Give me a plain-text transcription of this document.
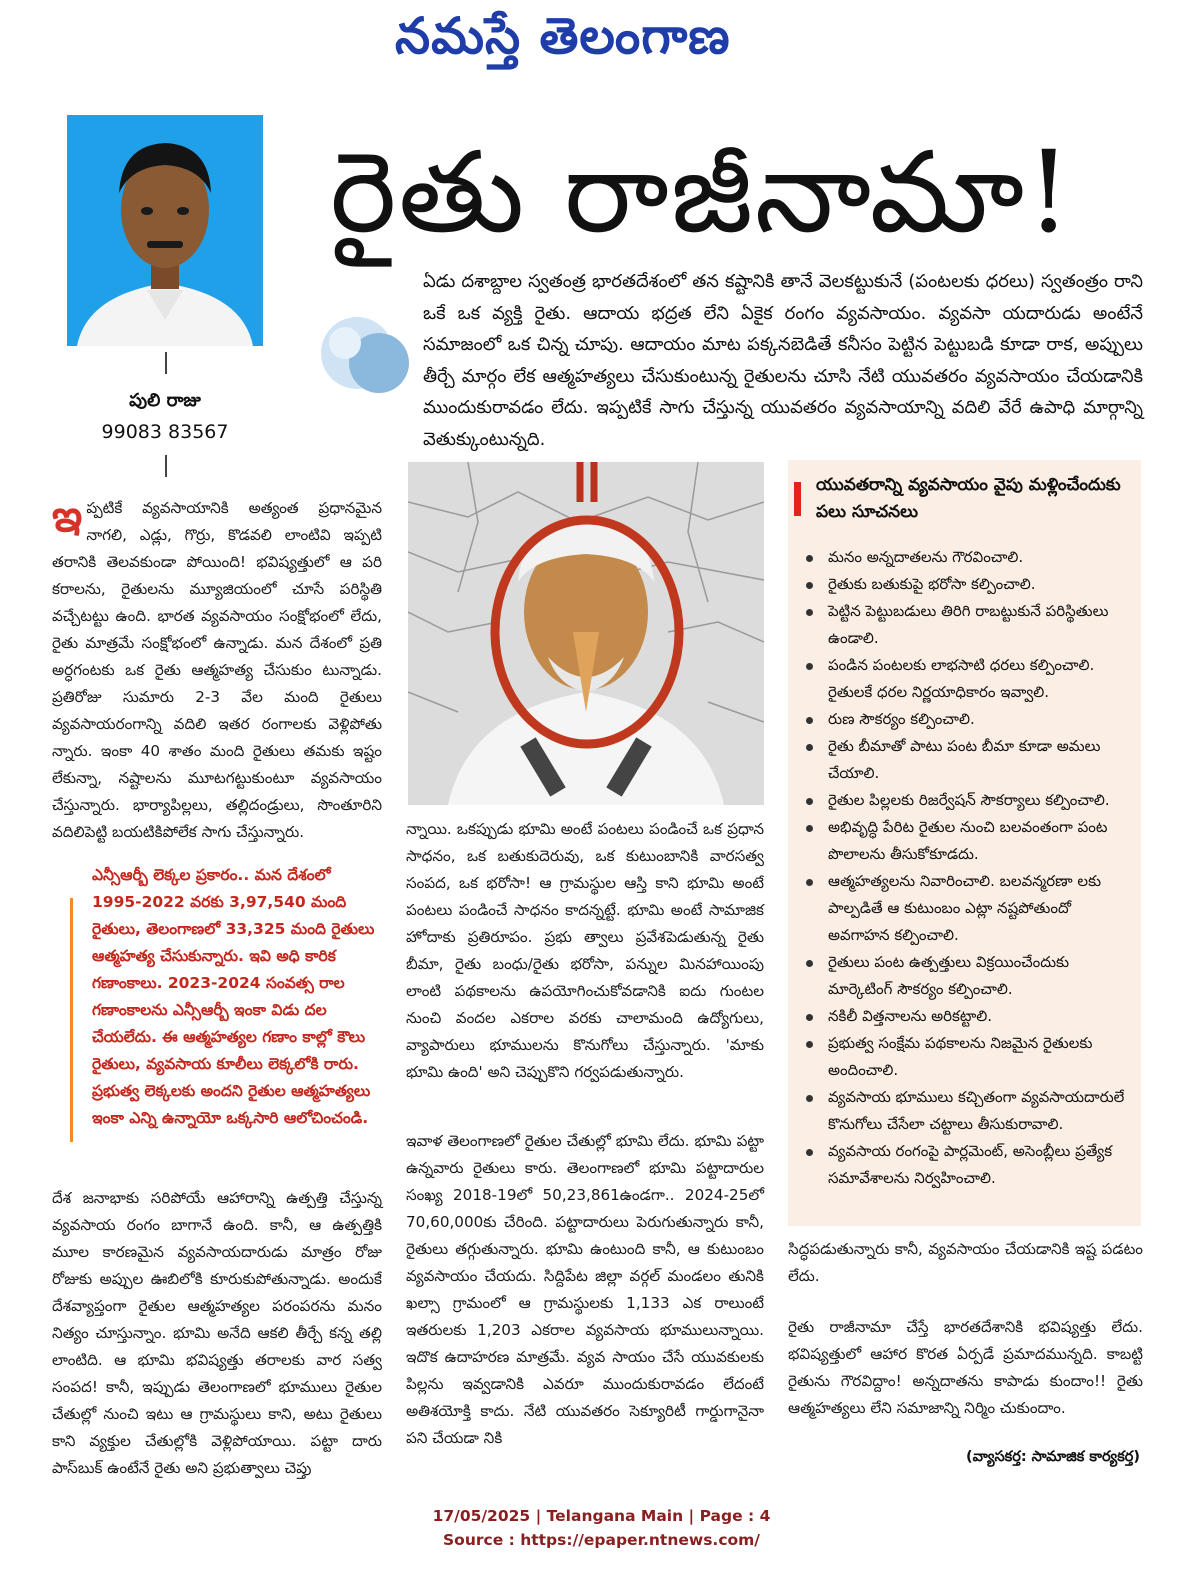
నమస్తే తెలంగాణ
పులి రాజు
99083 83567
రైతు రాజీనామా!

ఏడు దశాబ్దాల స్వతంత్ర భారతదేశంలో తన కష్టానికి తానే వెలకట్టుకునే (పంటలకు ధరలు) స్వతంత్రం రాని ఒకే ఒక వ్యక్తి రైతు. ఆదాయ భద్రత లేని ఏకైక రంగం వ్యవసాయం. వ్యవసా యదారుడు అంటేనే సమాజంలో ఒక చిన్న చూపు. ఆదాయం మాట పక్కనబెడితే కనీసం పెట్టిన పెట్టుబడి కూడా రాక, అప్పులు తీర్చే మార్గం లేక ఆత్మహత్యలు చేసుకుంటున్న రైతులను చూసి నేటి యువతరం వ్యవసాయం చేయడానికి ముందుకురావడం లేదు. ఇప్పటికే సాగు చేస్తున్న యువతరం వ్యవసాయాన్ని వదిలి వేరే ఉపాధి మార్గాన్ని వెతుక్కుంటున్నది.

ఇ ప్పటికే వ్యవసాయానికి అత్యంత ప్రధానమైన నాగలి, ఎడ్లు, గొర్రు, కొడవలి లాంటివి ఇప్పటి తరానికి తెలవకుండా పోయింది! భవిష్యత్తులో ఆ పరి కరాలను, రైతులను మ్యూజియంలో చూసే పరిస్థితి వచ్చేటట్టు ఉంది. భారత వ్యవసాయం సంక్షోభంలో లేదు, రైతు మాత్రమే సంక్షోభంలో ఉన్నాడు. మన దేశంలో ప్రతి అర్ధగంటకు ఒక రైతు ఆత్మహత్య చేసుకుం టున్నాడు. ప్రతిరోజు సుమారు 2-3 వేల మంది రైతులు వ్యవసాయరంగాన్ని వదిలి ఇతర రంగాలకు వెళ్లిపోతు న్నారు. ఇంకా 40 శాతం మంది రైతులు తమకు ఇష్టం లేకున్నా, నష్టాలను మూటగట్టుకుంటూ వ్యవసాయం చేస్తున్నారు. భార్యాపిల్లలు, తల్లిదండ్రులు, సొంతూరిని వదిలిపెట్టి బయటికిపోలేక సాగు చేస్తున్నారు.

ఎన్సీఆర్బీ లెక్కల ప్రకారం.. మన దేశంలో 1995-2022 వరకు 3,97,540 మంది రైతులు, తెలంగాణలో 33,325 మంది రైతులు ఆత్మహత్య చేసుకున్నారు. ఇవి అధి కారిక గణాంకాలు. 2023-2024 సంవత్స రాల గణాంకాలను ఎన్సీఆర్బీ ఇంకా విడు దల చేయలేదు. ఈ ఆత్మహత్యల గణాం కాల్లో కౌలు రైతులు, వ్యవసాయ కూలీలు లెక్కలోకి రారు. ప్రభుత్వ లెక్కలకు అందని రైతుల ఆత్మహత్యలు ఇంకా ఎన్ని ఉన్నాయో ఒక్కసారి ఆలోచించండి.

దేశ జనాభాకు సరిపోయే ఆహారాన్ని ఉత్పత్తి చేస్తున్న వ్యవసాయ రంగం బాగానే ఉంది. కానీ, ఆ ఉత్పత్తికి మూల కారణమైన వ్యవసాయదారుడు మాత్రం రోజు రోజుకు అప్పుల ఊబిలోకి కూరుకుపోతున్నాడు. అందుకే దేశవ్యాప్తంగా రైతుల ఆత్మహత్యల పరంపరను మనం నిత్యం చూస్తున్నాం. భూమి అనేది ఆకలి తీర్చే కన్న తల్లి లాంటిది. ఆ భూమి భవిష్యత్తు తరాలకు వార సత్వ సంపద! కానీ, ఇప్పుడు తెలంగాణలో భూములు రైతుల చేతుల్లో నుంచి ఇటు ఆ గ్రామస్థులు కాని, అటు రైతులు కాని వ్యక్తుల చేతుల్లోకి వెళ్లిపోయాయి. పట్టా దారు పాస్‌బుక్ ఉంటేనే రైతు అని ప్రభుత్వాలు చెప్తు

న్నాయి. ఒకప్పుడు భూమి అంటే పంటలు పండించే ఒక ప్రధాన సాధనం, ఒక బతుకుదెరువు, ఒక కుటుంబానికి వారసత్వ సంపద, ఒక భరోసా! ఆ గ్రామస్థుల ఆస్తి కాని భూమి అంటే పంటలు పండించే సాధనం కాదన్నట్టే. భూమి అంటే సామాజిక హోదాకు ప్రతిరూపం. ప్రభు త్వాలు ప్రవేశపెడుతున్న రైతు బీమా, రైతు బంధు/రైతు భరోసా, పన్నుల మినహాయింపు లాంటి పథకాలను ఉపయోగించుకోవడానికి ఐదు గుంటల నుంచి వందల ఎకరాల వరకు చాలామంది ఉద్యోగులు, వ్యాపారులు భూములను కొనుగోలు చేస్తున్నారు. 'మాకు భూమి ఉంది' అని చెప్పుకొని గర్వపడుతున్నారు.

ఇవాళ తెలంగాణలో రైతుల చేతుల్లో భూమి లేదు. భూమి పట్టా ఉన్నవారు రైతులు కారు. తెలంగాణలో భూమి పట్టాదారుల సంఖ్య 2018-19లో 50,23,861ఉండగా.. 2024-25లో 70,60,000కు చేరింది. పట్టాదారులు పెరుగుతున్నారు కానీ, రైతులు తగ్గుతున్నారు. భూమి ఉంటుంది కానీ, ఆ కుటుంబం వ్యవసాయం చేయదు. సిద్దిపేట జిల్లా వర్గల్ మండలం తునికి ఖల్సా గ్రామంలో ఆ గ్రామస్థులకు 1,133 ఎక రాలుంటే ఇతరులకు 1,203 ఎకరాల వ్యవసాయ భూములున్నాయి. ఇదొక ఉదాహరణ మాత్రమే. వ్యవ సాయం చేసే యువకులకు పిల్లను ఇవ్వడానికి ఎవరూ ముందుకురావడం లేదంటే అతిశయోక్తి కాదు. నేటి యువతరం సెక్యూరిటీ గార్డుగానైనా పని చేయడా నికి

యువతరాన్ని వ్యవసాయం వైపు మళ్లించేందుకు పలు సూచనలు
మనం అన్నదాతలను గౌరవించాలి.
రైతుకు బతుకుపై భరోసా కల్పించాలి.
పెట్టిన పెట్టుబడులు తిరిగి రాబట్టుకునే పరిస్థితులు ఉండాలి.
పండిన పంటలకు లాభసాటి ధరలు కల్పించాలి. రైతులకే ధరల నిర్ణయాధికారం ఇవ్వాలి.
రుణ సౌకర్యం కల్పించాలి.
రైతు బీమాతో పాటు పంట బీమా కూడా అమలు చేయాలి.
రైతుల పిల్లలకు రిజర్వేషన్ సౌకర్యాలు కల్పించాలి.
అభివృద్ధి పేరిట రైతుల నుంచి బలవంతంగా పంట పొలాలను తీసుకోకూడదు.
ఆత్మహత్యలను నివారించాలి. బలవన్మరణా లకు పాల్పడితే ఆ కుటుంబం ఎట్లా నష్టపోతుందో అవగాహన కల్పించాలి.
రైతులు పంట ఉత్పత్తులు విక్రయించేందుకు మార్కెటింగ్ సౌకర్యం కల్పించాలి.
నకిలీ విత్తనాలను అరికట్టాలి.
ప్రభుత్వ సంక్షేమ పథకాలను నిజమైన రైతులకు అందించాలి.
వ్యవసాయ భూములు కచ్చితంగా వ్యవసాయదారులే కొనుగోలు చేసేలా చట్టాలు తీసుకురావాలి.
వ్యవసాయ రంగంపై పార్లమెంట్, అసెంబ్లీలు ప్రత్యేక సమావేశాలను నిర్వహించాలి.

సిద్ధపడుతున్నారు కానీ, వ్యవసాయం చేయడానికి ఇష్ట పడటం లేదు.

రైతు రాజీనామా చేస్తే భారతదేశానికి భవిష్యత్తు లేదు. భవిష్యత్తులో ఆహార కొరత ఏర్పడే ప్రమాదమున్నది. కాబట్టి రైతును గౌరవిద్దాం! అన్నదాతను కాపాడు కుందాం!! రైతు ఆత్మహత్యలు లేని సమాజాన్ని నిర్మిం చుకుందాం.

(వ్యాసకర్త: సామాజిక కార్యకర్త)
17/05/2025 | Telangana Main | Page : 4
Source : https://epaper.ntnews.com/
